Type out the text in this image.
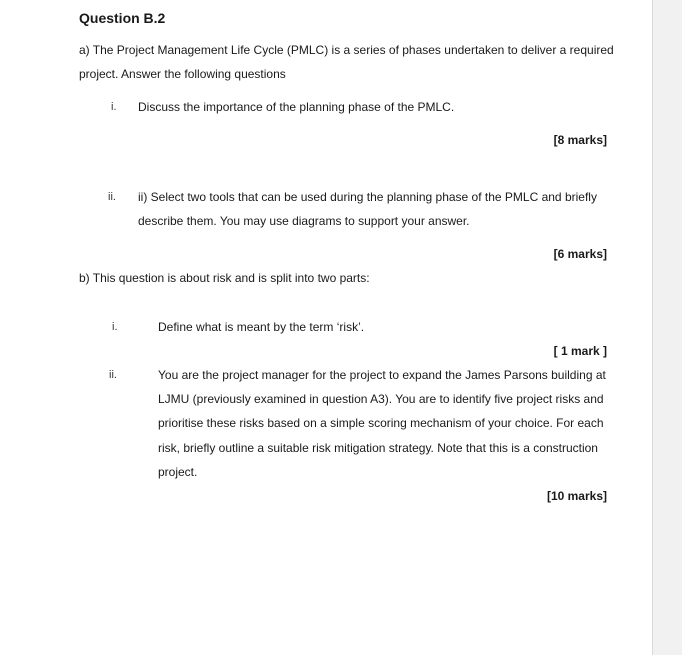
Question B.2
a) The Project Management Life Cycle (PMLC) is a series of phases undertaken to deliver a required
project. Answer the following questions
i. Discuss the importance of the planning phase of the PMLC.
[8 marks]
ii. ii) Select two tools that can be used during the planning phase of the PMLC and briefly
describe them. You may use diagrams to support your answer.
[6 marks]
b) This question is about risk and is split into two parts:
i.	Define what is meant by the term ‘risk’.
[ 1 mark ]
ii.	You are the project manager for the project to expand the James Parsons building at
LJMU (previously examined in question A3). You are to identify five project risks and
prioritise these risks based on a simple scoring mechanism of your choice. For each
risk, briefly outline a suitable risk mitigation strategy. Note that this is a construction
project.
[10 marks]
